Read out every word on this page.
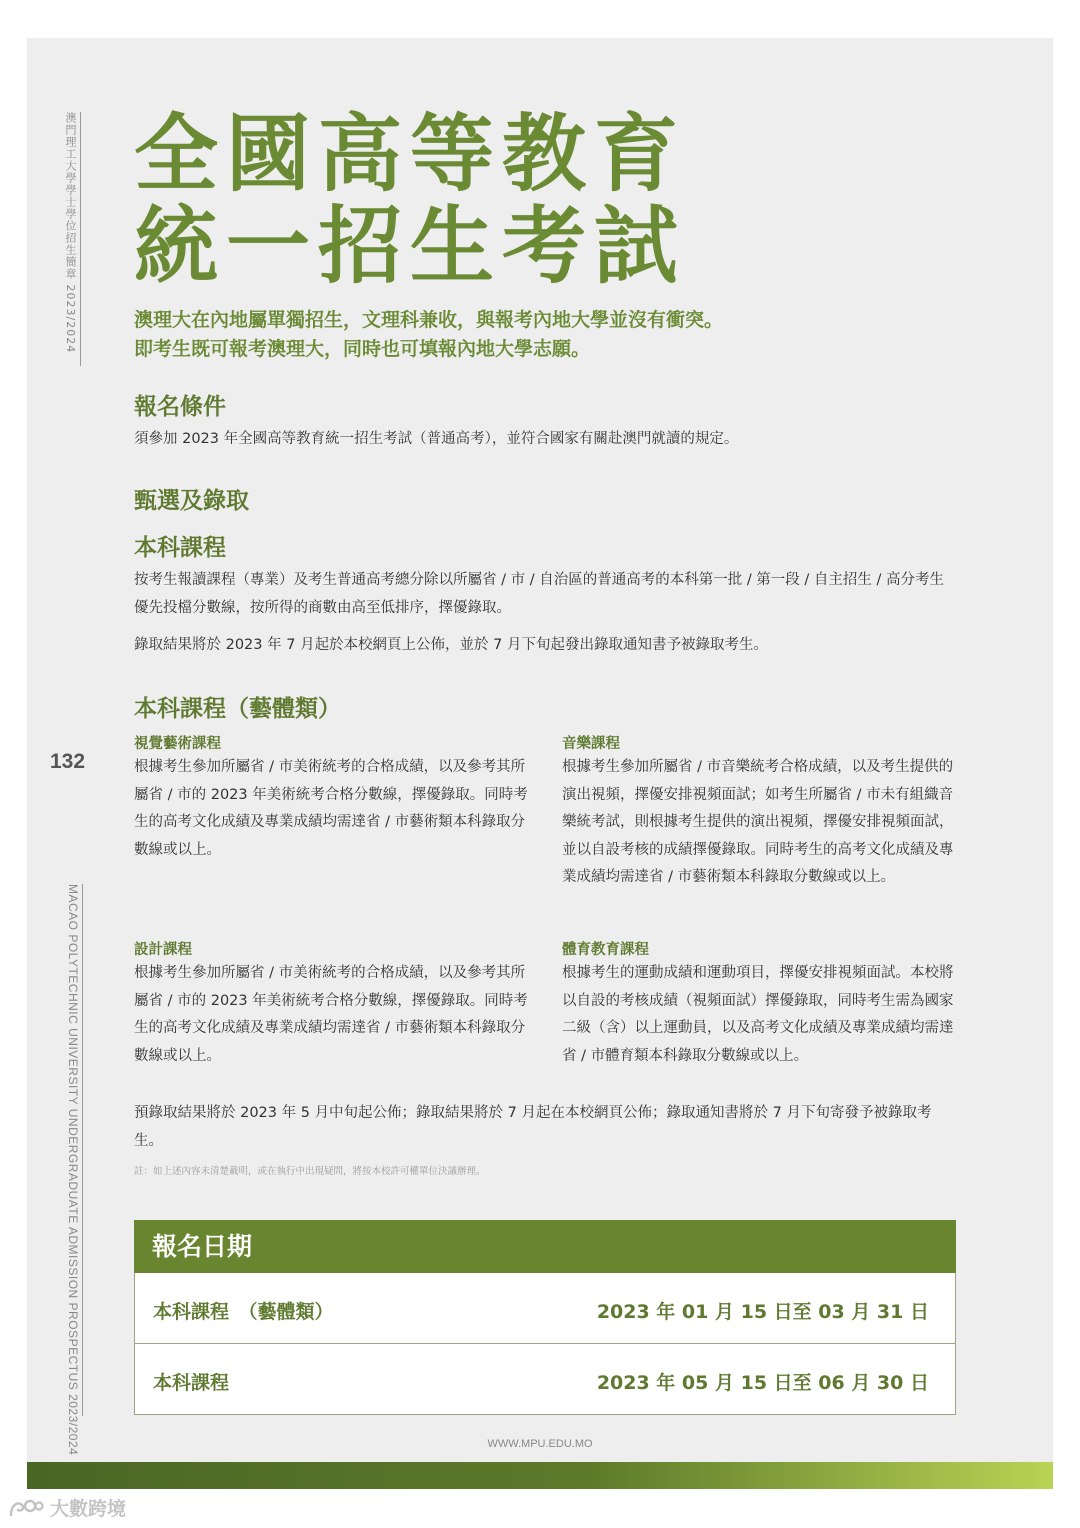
澳門理工大學學士學位招生簡章 2023/2024
MACAO POLYTECHNIC UNIVERSITY UNDERGRADUATE ADMISSION PROSPECTUS 2023/2024
132
全國高等教育
統一招生考試
澳理大在內地屬單獨招生，文理科兼收，與報考內地大學並沒有衝突。
即考生既可報考澳理大，同時也可填報內地大學志願。
報名條件
須參加 2023 年全國高等教育統一招生考試（普通高考），並符合國家有關赴澳門就讀的規定。
甄選及錄取
本科課程
按考生報讀課程（專業）及考生普通高考總分除以所屬省 / 市 / 自治區的普通高考的本科第一批 / 第一段 / 自主招生 / 高分考生優先投檔分數線，按所得的商數由高至低排序，擇優錄取。
錄取結果將於 2023 年 7 月起於本校網頁上公佈，並於 7 月下旬起發出錄取通知書予被錄取考生。
本科課程（藝體類）
視覺藝術課程
根據考生參加所屬省 / 市美術統考的合格成績，以及參考其所屬省 / 市的 2023 年美術統考合格分數線，擇優錄取。同時考生的高考文化成績及專業成績均需達省 / 市藝術類本科錄取分數線或以上。
音樂課程
根據考生參加所屬省 / 市音樂統考合格成績，以及考生提供的演出視頻，擇優安排視頻面試；如考生所屬省 / 市未有組織音樂統考試，則根據考生提供的演出視頻，擇優安排視頻面試，並以自設考核的成績擇優錄取。同時考生的高考文化成績及專業成績均需達省 / 市藝術類本科錄取分數線或以上。
設計課程
根據考生參加所屬省 / 市美術統考的合格成績，以及參考其所屬省 / 市的 2023 年美術統考合格分數線，擇優錄取。同時考生的高考文化成績及專業成績均需達省 / 市藝術類本科錄取分數線或以上。
體育教育課程
根據考生的運動成績和運動項目，擇優安排視頻面試。本校將以自設的考核成績（視頻面試）擇優錄取，同時考生需為國家二級（含）以上運動員，以及高考文化成績及專業成績均需達省 / 市體育類本科錄取分數線或以上。
預錄取結果將於 2023 年 5 月中旬起公佈；錄取結果將於 7 月起在本校網頁公佈；錄取通知書將於 7 月下旬寄發予被錄取考生。
註：如上述內容未清楚載明，或在執行中出現疑問，將按本校許可權單位決議辦理。
報名日期
本科課程　（藝體類）	2023 年 01 月 15 日至 03 月 31 日
本科課程	2023 年 05 月 15 日至 06 月 30 日
WWW.MPU.EDU.MO
大數跨境
